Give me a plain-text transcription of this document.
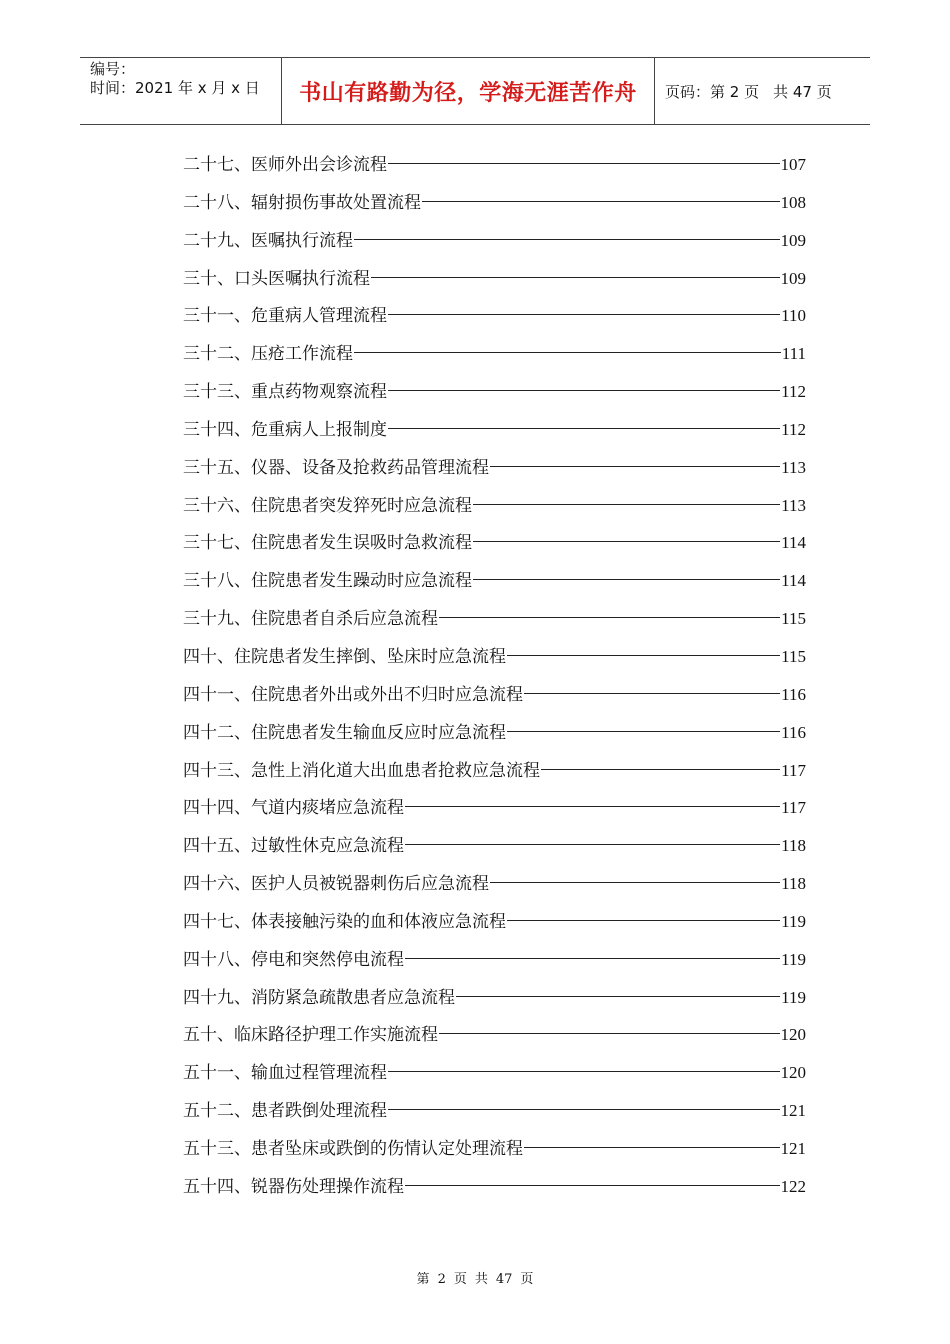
编号：
时间：2021 年 x 月 x 日	书山有路勤为径，学海无涯苦作舟	页码：第 2 页 共 47 页
二十七、医师外出会诊流程	107
二十八、辐射损伤事故处置流程	108
二十九、医嘱执行流程	109
三十、口头医嘱执行流程	109
三十一、危重病人管理流程	110
三十二、压疮工作流程	111
三十三、重点药物观察流程	112
三十四、危重病人上报制度	112
三十五、仪器、设备及抢救药品管理流程	113
三十六、住院患者突发猝死时应急流程	113
三十七、住院患者发生误吸时急救流程	114
三十八、住院患者发生躁动时应急流程	114
三十九、住院患者自杀后应急流程	115
四十、住院患者发生摔倒、坠床时应急流程	115
四十一、住院患者外出或外出不归时应急流程	116
四十二、住院患者发生输血反应时应急流程	116
四十三、急性上消化道大出血患者抢救应急流程	117
四十四、气道内痰堵应急流程	117
四十五、过敏性休克应急流程	118
四十六、医护人员被锐器刺伤后应急流程	118
四十七、体表接触污染的血和体液应急流程	119
四十八、停电和突然停电流程	119
四十九、消防紧急疏散患者应急流程	119
五十、临床路径护理工作实施流程	120
五十一、输血过程管理流程	120
五十二、患者跌倒处理流程	121
五十三、患者坠床或跌倒的伤情认定处理流程	121
五十四、锐器伤处理操作流程	122
第 2 页 共 47 页
